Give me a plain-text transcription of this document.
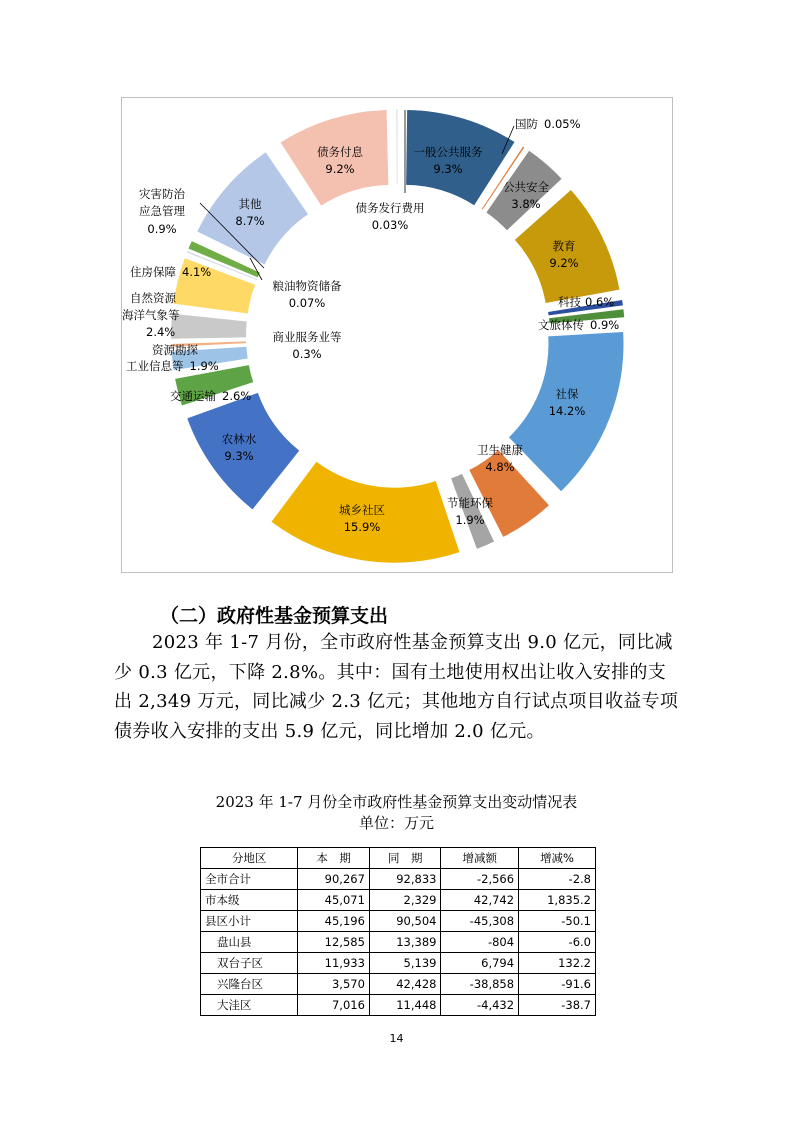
一般公共服务 9.3%
国防 0.05%
公共安全 3.8%
教育 9.2%
科技 0.6%
文旅体传 0.9%
社保 14.2%
卫生健康 4.8%
节能环保 1.9%
城乡社区 15.9%
农林水 9.3%
交通运输 2.6%
资源勘探工业信息等 1.9%
商业服务业等 0.3%
自然资源海洋气象等 2.4%
住房保障 4.1%
粮油物资储备 0.07%
灾害防治应急管理 0.9%
其他 8.7%
债务付息 9.2%
债务发行费用 0.03%
（二）政府性基金预算支出

2023 年 1-7 月份，全市政府性基金预算支出 9.0 亿元，同比减少 0.3 亿元，下降 2.8%。其中：国有土地使用权出让收入安排的支出 2,349 万元，同比减少 2.3 亿元；其他地方自行试点项目收益专项债券收入安排的支出 5.9 亿元，同比增加 2.0 亿元。

2023 年 1-7 月份全市政府性基金预算支出变动情况表

单位：万元

分地区	本　期	同　期	增减额	增减%
全市合计	90,267	92,833	-2,566	-2.8
市本级	45,071	2,329	42,742	1,835.2
县区小计	45,196	90,504	-45,308	-50.1
盘山县	12,585	13,389	-804	-6.0
双台子区	11,933	5,139	6,794	132.2
兴隆台区	3,570	42,428	-38,858	-91.6
大洼区	7,016	11,448	-4,432	-38.7
14
